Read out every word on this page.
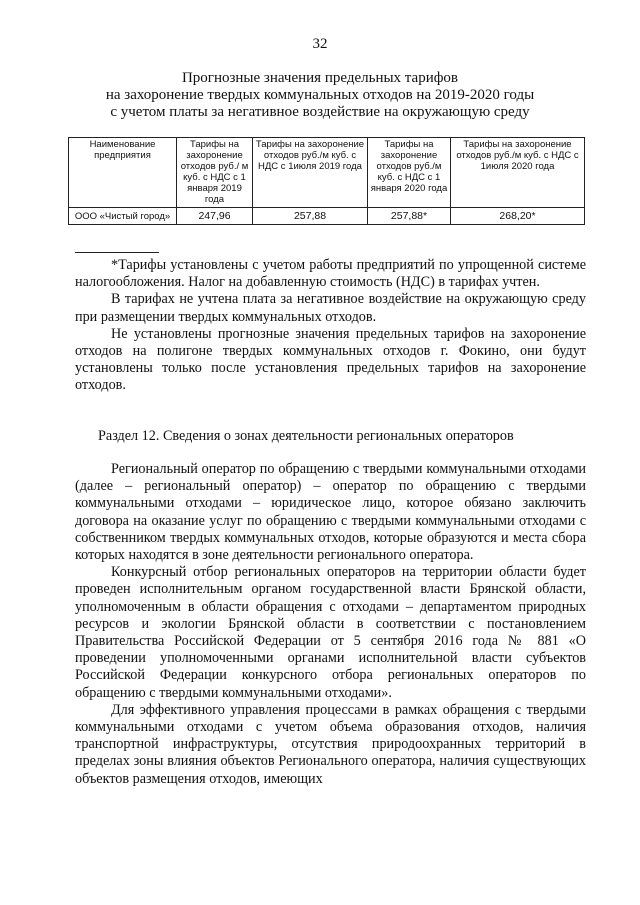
32
Прогнозные значения предельных тарифов
на захоронение твердых коммунальных отходов на 2019-2020 годы
с учетом платы за негативное воздействие на окружающую среду
Наименование предприятия	Тарифы на захоронение отходов руб./ м куб. с НДС с 1 января 2019 года	Тарифы на захоронение отходов руб./м куб. с НДС с 1июля 2019 года	Тарифы на захоронение отходов руб./м куб. с НДС с 1 января 2020 года	Тарифы на захоронение отходов руб./м куб. с НДС с 1июля 2020 года
ООО «Чистый город»	247,96	257,88	257,88*	268,20*

*Тарифы установлены с учетом работы предприятий по упрощенной системе налогообложения. Налог на добавленную стоимость (НДС) в тарифах учтен.

В тарифах не учтена плата за негативное воздействие на окружающую среду при размещении твердых коммунальных отходов.

Не установлены прогнозные значения предельных тарифов на захоронение отходов на полигоне твердых коммунальных отходов г. Фокино, они будут установлены только после установления предельных тарифов на захоронение отходов.

Раздел 12. Сведения о зонах деятельности региональных операторов

Региональный оператор по обращению с твердыми коммунальными отходами (далее – региональный оператор) – оператор по обращению с твердыми коммунальными отходами – юридическое лицо, которое обязано заключить договора на оказание услуг по обращению с твердыми коммунальными отходами с собственником твердых коммунальных отходов, которые образуются и места сбора которых находятся в зоне деятельности регионального оператора.

Конкурсный отбор региональных операторов на территории области будет проведен исполнительным органом государственной власти Брянской области, уполномоченным в области обращения с отходами – департаментом природных ресурсов и экологии Брянской области в соответствии с постановлением Правительства Российской Федерации от 5 сентября 2016 года № 881 «О проведении уполномоченными органами исполнительной власти субъектов Российской Федерации конкурсного отбора региональных операторов по обращению с твердыми коммунальными отходами».

Для эффективного управления процессами в рамках обращения с твердыми коммунальными отходами с учетом объема образования отходов, наличия транспортной инфраструктуры, отсутствия природоохранных территорий в пределах зоны влияния объектов Регионального оператора, наличия существующих объектов размещения отходов, имеющих
